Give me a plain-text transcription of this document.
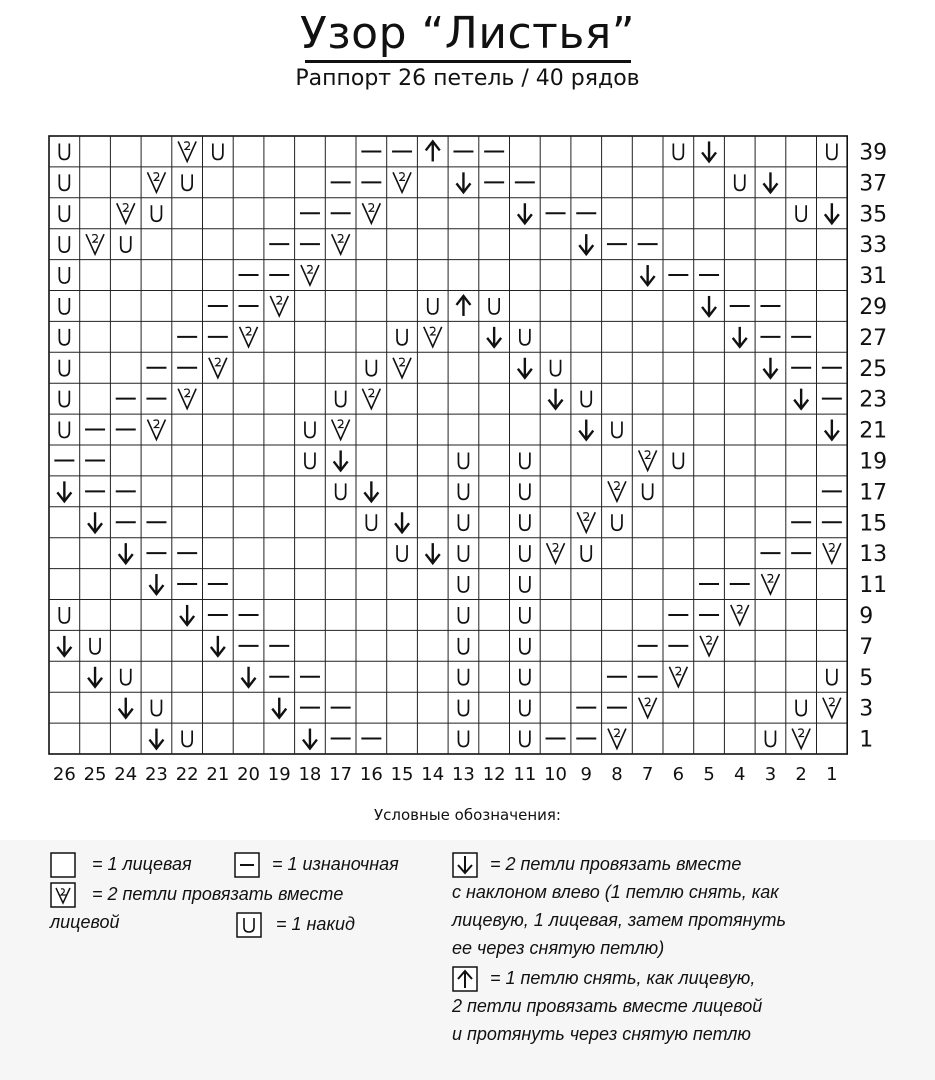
Узор “Листья”
Раппорт 26 петель / 40 рядов
39
37
35
33
31
29
27
25
23
21
19
17
15
13
11
9
7
5
3
1
26 25 24 23 22 21 20 19 18 17 16 15 14 13 12 11 10 9 8 7 6 5 4 3 2 1
Условные обозначения:
= 1 лицевая	= 1 изнаночная
= 2 петли провязать вместе
лицевой	= 1 накид
= 2 петли провязать вместе
с наклоном влево (1 петлю снять, как
лицевую, 1 лицевая, затем протянуть
ее через снятую петлю)
= 1 петлю снять, как лицевую,
2 петли провязать вместе лицевой
и протянуть через снятую петлю
